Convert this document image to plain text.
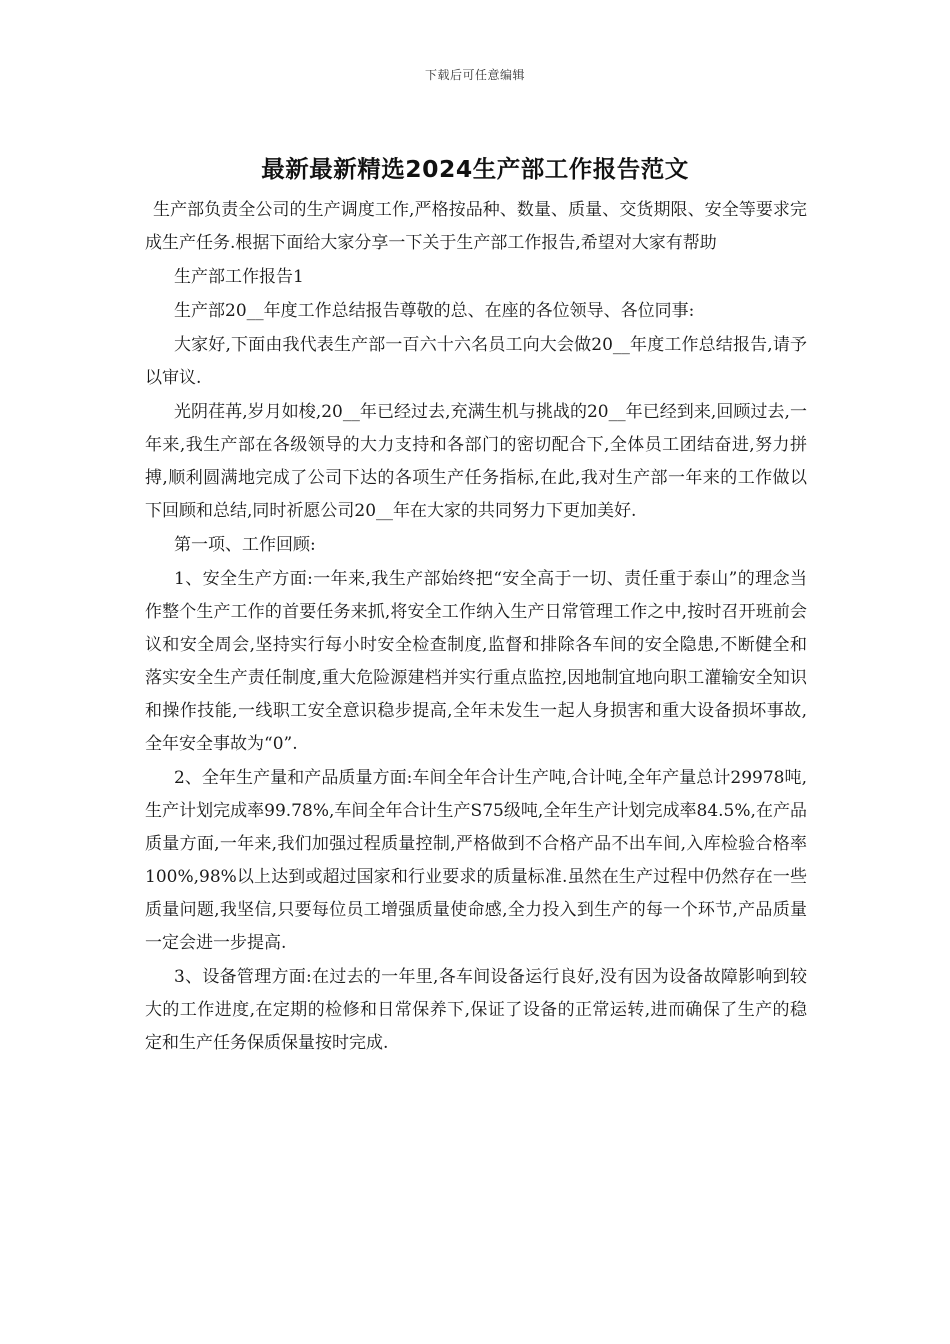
下载后可任意编辑
最新最新精选2024生产部工作报告范文

生产部负责全公司的生产调度工作,严格按品种、数量、质量、交货期限、安全等要求完成生产任务.根据下面给大家分享一下关于生产部工作报告,希望对大家有帮助

生产部工作报告1

生产部20__年度工作总结报告尊敬的总、在座的各位领导、各位同事:

大家好,下面由我代表生产部一百六十六名员工向大会做20__年度工作总结报告,请予以审议.

光阴荏苒,岁月如梭,20__年已经过去,充满生机与挑战的20__年已经到来,回顾过去,一年来,我生产部在各级领导的大力支持和各部门的密切配合下,全体员工团结奋进,努力拼搏,顺利圆满地完成了公司下达的各项生产任务指标,在此,我对生产部一年来的工作做以下回顾和总结,同时祈愿公司20__年在大家的共同努力下更加美好.

第一项、工作回顾:

1、安全生产方面:一年来,我生产部始终把“安全高于一切、责任重于泰山”的理念当作整个生产工作的首要任务来抓,将安全工作纳入生产日常管理工作之中,按时召开班前会议和安全周会,坚持实行每小时安全检查制度,监督和排除各车间的安全隐患,不断健全和落实安全生产责任制度,重大危险源建档并实行重点监控,因地制宜地向职工灌输安全知识和操作技能,一线职工安全意识稳步提高,全年未发生一起人身损害和重大设备损坏事故,全年安全事故为“0”.

2、全年生产量和产品质量方面:车间全年合计生产吨,合计吨,全年产量总计29978吨,生产计划完成率99.78%,车间全年合计生产S75级吨,全年生产计划完成率84.5%,在产品质量方面,一年来,我们加强过程质量控制,严格做到不合格产品不出车间,入库检验合格率100%,98%以上达到或超过国家和行业要求的质量标准.虽然在生产过程中仍然存在一些质量问题,我坚信,只要每位员工增强质量使命感,全力投入到生产的每一个环节,产品质量一定会进一步提高.

3、设备管理方面:在过去的一年里,各车间设备运行良好,没有因为设备故障影响到较大的工作进度,在定期的检修和日常保养下,保证了设备的正常运转,进而确保了生产的稳定和生产任务保质保量按时完成.
